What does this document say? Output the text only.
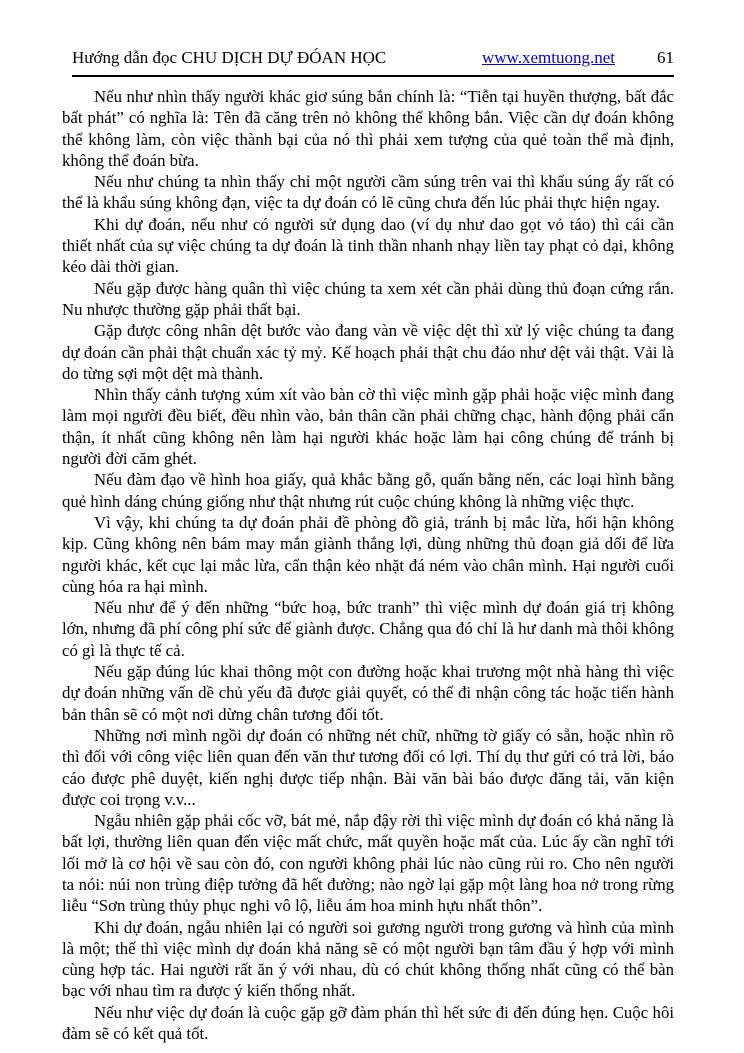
Hướng dẫn đọc CHU DỊCH DỰ ĐÓAN HỌC	www.xemtuong.net 61

Nếu như nhìn thấy người khác giơ súng bắn chính là: “Tiễn tại huyền thượng, bất đắc bất phát” có nghĩa là: Tên đã căng trên nỏ không thể không bắn. Việc cần dự đoán không thể không làm, còn việc thành bại của nó thì phải xem tượng của quẻ toàn thể mà định, không thể đoán bừa.

Nếu như chúng ta nhìn thấy chỉ một người cầm súng trên vai thì khẩu súng ấy rất có thể là khẩu súng không đạn, việc ta dự đoán có lẽ cũng chưa đến lúc phải thực hiện ngay.

Khi dự đoán, nếu như có người sử dụng dao (ví dụ như dao gọt vỏ táo) thì cái cần thiết nhất của sự việc chúng ta dự đoán là tinh thần nhanh nhạy liền tay phạt cỏ dại, không kéo dài thời gian.

Nếu gặp được hàng quân thì việc chúng ta xem xét cần phải dùng thủ đoạn cứng rắn. Nu nhược thường gặp phải thất bại.

Gặp được công nhân dệt bước vào đang vàn về việc dệt thì xử lý việc chúng ta đang dự đoán cần phải thật chuẩn xác tỷ mỷ. Kế hoạch phải thật chu đáo như dệt vải thật. Vải là do từng sợi một dệt mà thành.

Nhìn thấy cảnh tượng xúm xít vào bàn cờ thì việc mình gặp phải hoặc việc mình đang làm mọi người đều biết, đều nhìn vào, bản thân cần phải chững chạc, hành động phải cẩn thận, ít nhất cũng không nên làm hại người khác hoặc làm hại công chúng để tránh bị người đời căm ghét.

Nếu đàm đạo về hình hoa giấy, quả khắc bằng gỗ, quấn bằng nến, các loại hình bằng quẻ hình dáng chúng giống như thật nhưng rút cuộc chúng không là những việc thực.

Vì vậy, khi chúng ta dự đoán phải đề phòng đồ giả, tránh bị mắc lừa, hối hận không kịp. Cũng không nên bám may mắn giành thắng lợi, dùng những thủ đoạn giả dối để lừa người khác, kết cục lại mắc lừa, cẩn thận kẻo nhặt đá ném vào chân mình. Hại người cuối cùng hóa ra hại mình.

Nếu như để ý đến những “bức hoạ, bức tranh” thì việc mình dự đoán giá trị không lớn, nhưng đã phí công phí sức để giành được. Chẳng qua đó chỉ là hư danh mà thôi không có gì là thực tế cả.

Nếu gặp đúng lúc khai thông một con đường hoặc khai trương một nhà hàng thì việc dự đoán những vấn dề chủ yếu đã được giải quyết, có thể đi nhận công tác hoặc tiến hành bản thân sẽ có một nơi dừng chân tương đối tốt.

Những nơi mình ngồi dự đoán có những nét chữ, những tờ giấy có sẵn, hoặc nhìn rõ thì đối với công việc liên quan đến văn thư tương đối có lợi. Thí dụ thư gửi có trả lời, báo cáo được phê duyệt, kiến nghị được tiếp nhận. Bài văn bài báo được đăng tải, văn kiện được coi trọng v.v...

Ngẫu nhiên gặp phải cốc vỡ, bát mẻ, nắp đậy rời thì việc mình dự đoán có khả năng là bất lợi, thường liên quan đến việc mất chức, mất quyền hoặc mất của. Lúc ấy cần nghĩ tới lối mở là cơ hội về sau còn đó, con người không phải lúc nào cũng rủi ro. Cho nên người ta nói: núi non trùng điệp tưởng đã hết đường; nào ngờ lại gặp một làng hoa nở trong rừng liễu “Sơn trùng thủy phục nghi vô lộ, liễu ám hoa minh hựu nhất thôn”.

Khi dự đoán, ngẫu nhiên lại có người soi gương người trong gương và hình của mình là một; thế thì việc mình dự đoán khả năng sẽ có một người bạn tâm đầu ý hợp với mình cùng hợp tác. Hai người rất ăn ý với nhau, dù có chút không thống nhất cũng có thể bàn bạc với nhau tìm ra được ý kiến thống nhất.

Nếu như việc dự đoán là cuộc gặp gỡ đàm phán thì hết sức đi đến đúng hẹn. Cuộc hôi đàm sẽ có kết quả tốt.
